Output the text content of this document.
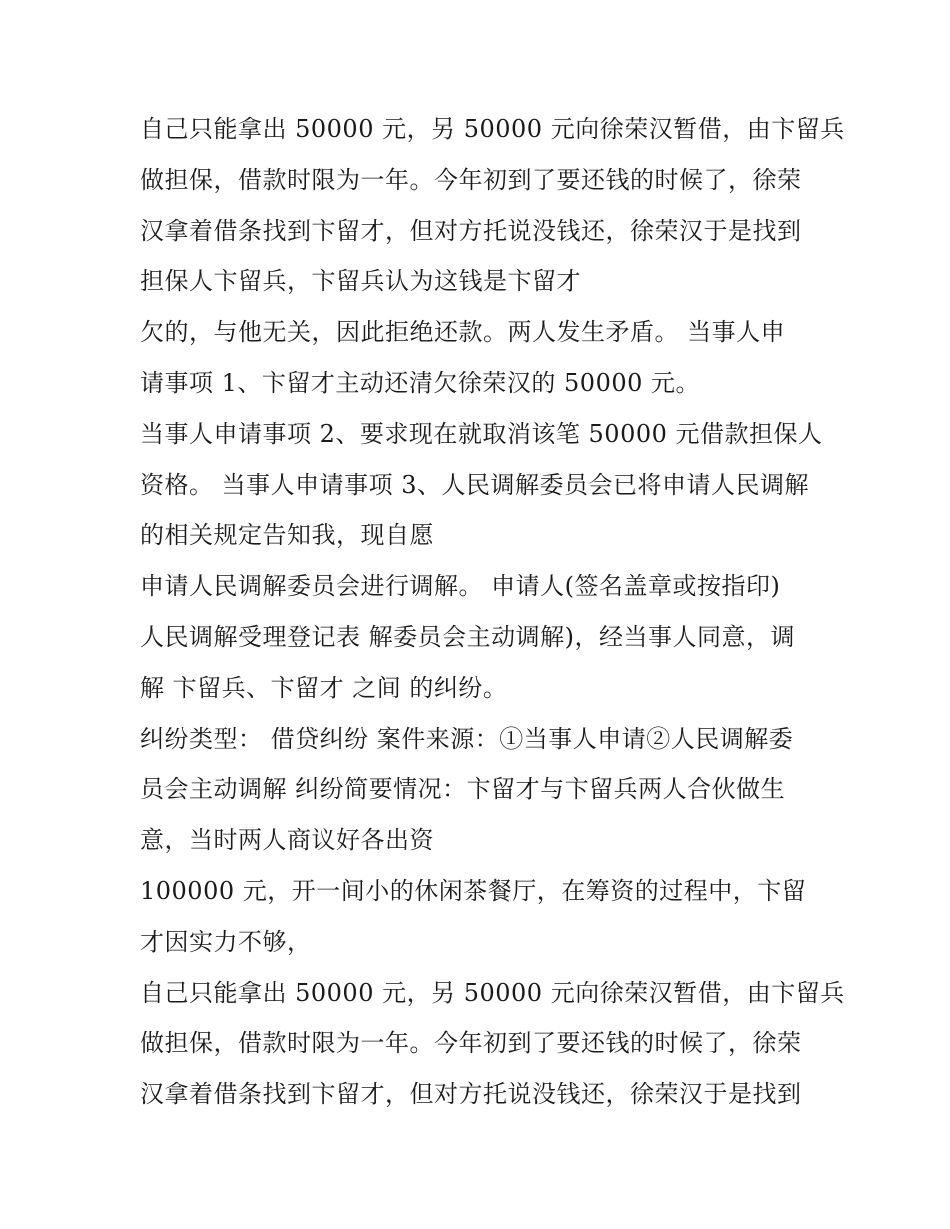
自己只能拿出 50000 元，另 50000 元向徐荣汉暂借，由卞留兵
做担保，借款时限为一年。今年初到了要还钱的时候了，徐荣
汉拿着借条找到卞留才，但对方托说没钱还，徐荣汉于是找到
担保人卞留兵，卞留兵认为这钱是卞留才
欠的，与他无关，因此拒绝还款。两人发生矛盾。 当事人申
请事项 1、卞留才主动还清欠徐荣汉的 50000 元。
当事人申请事项 2、要求现在就取消该笔 50000 元借款担保人
资格。 当事人申请事项 3、人民调解委员会已将申请人民调解
的相关规定告知我，现自愿
申请人民调解委员会进行调解。 申请人(签名盖章或按指印)
人民调解受理登记表 解委员会主动调解)，经当事人同意，调
解 卞留兵、卞留才 之间 的纠纷。
纠纷类型： 借贷纠纷 案件来源：①当事人申请②人民调解委
员会主动调解 纠纷简要情况：卞留才与卞留兵两人合伙做生
意，当时两人商议好各出资
100000 元，开一间小的休闲茶餐厅，在筹资的过程中，卞留
才因实力不够，
自己只能拿出 50000 元，另 50000 元向徐荣汉暂借，由卞留兵
做担保，借款时限为一年。今年初到了要还钱的时候了，徐荣
汉拿着借条找到卞留才，但对方托说没钱还，徐荣汉于是找到
